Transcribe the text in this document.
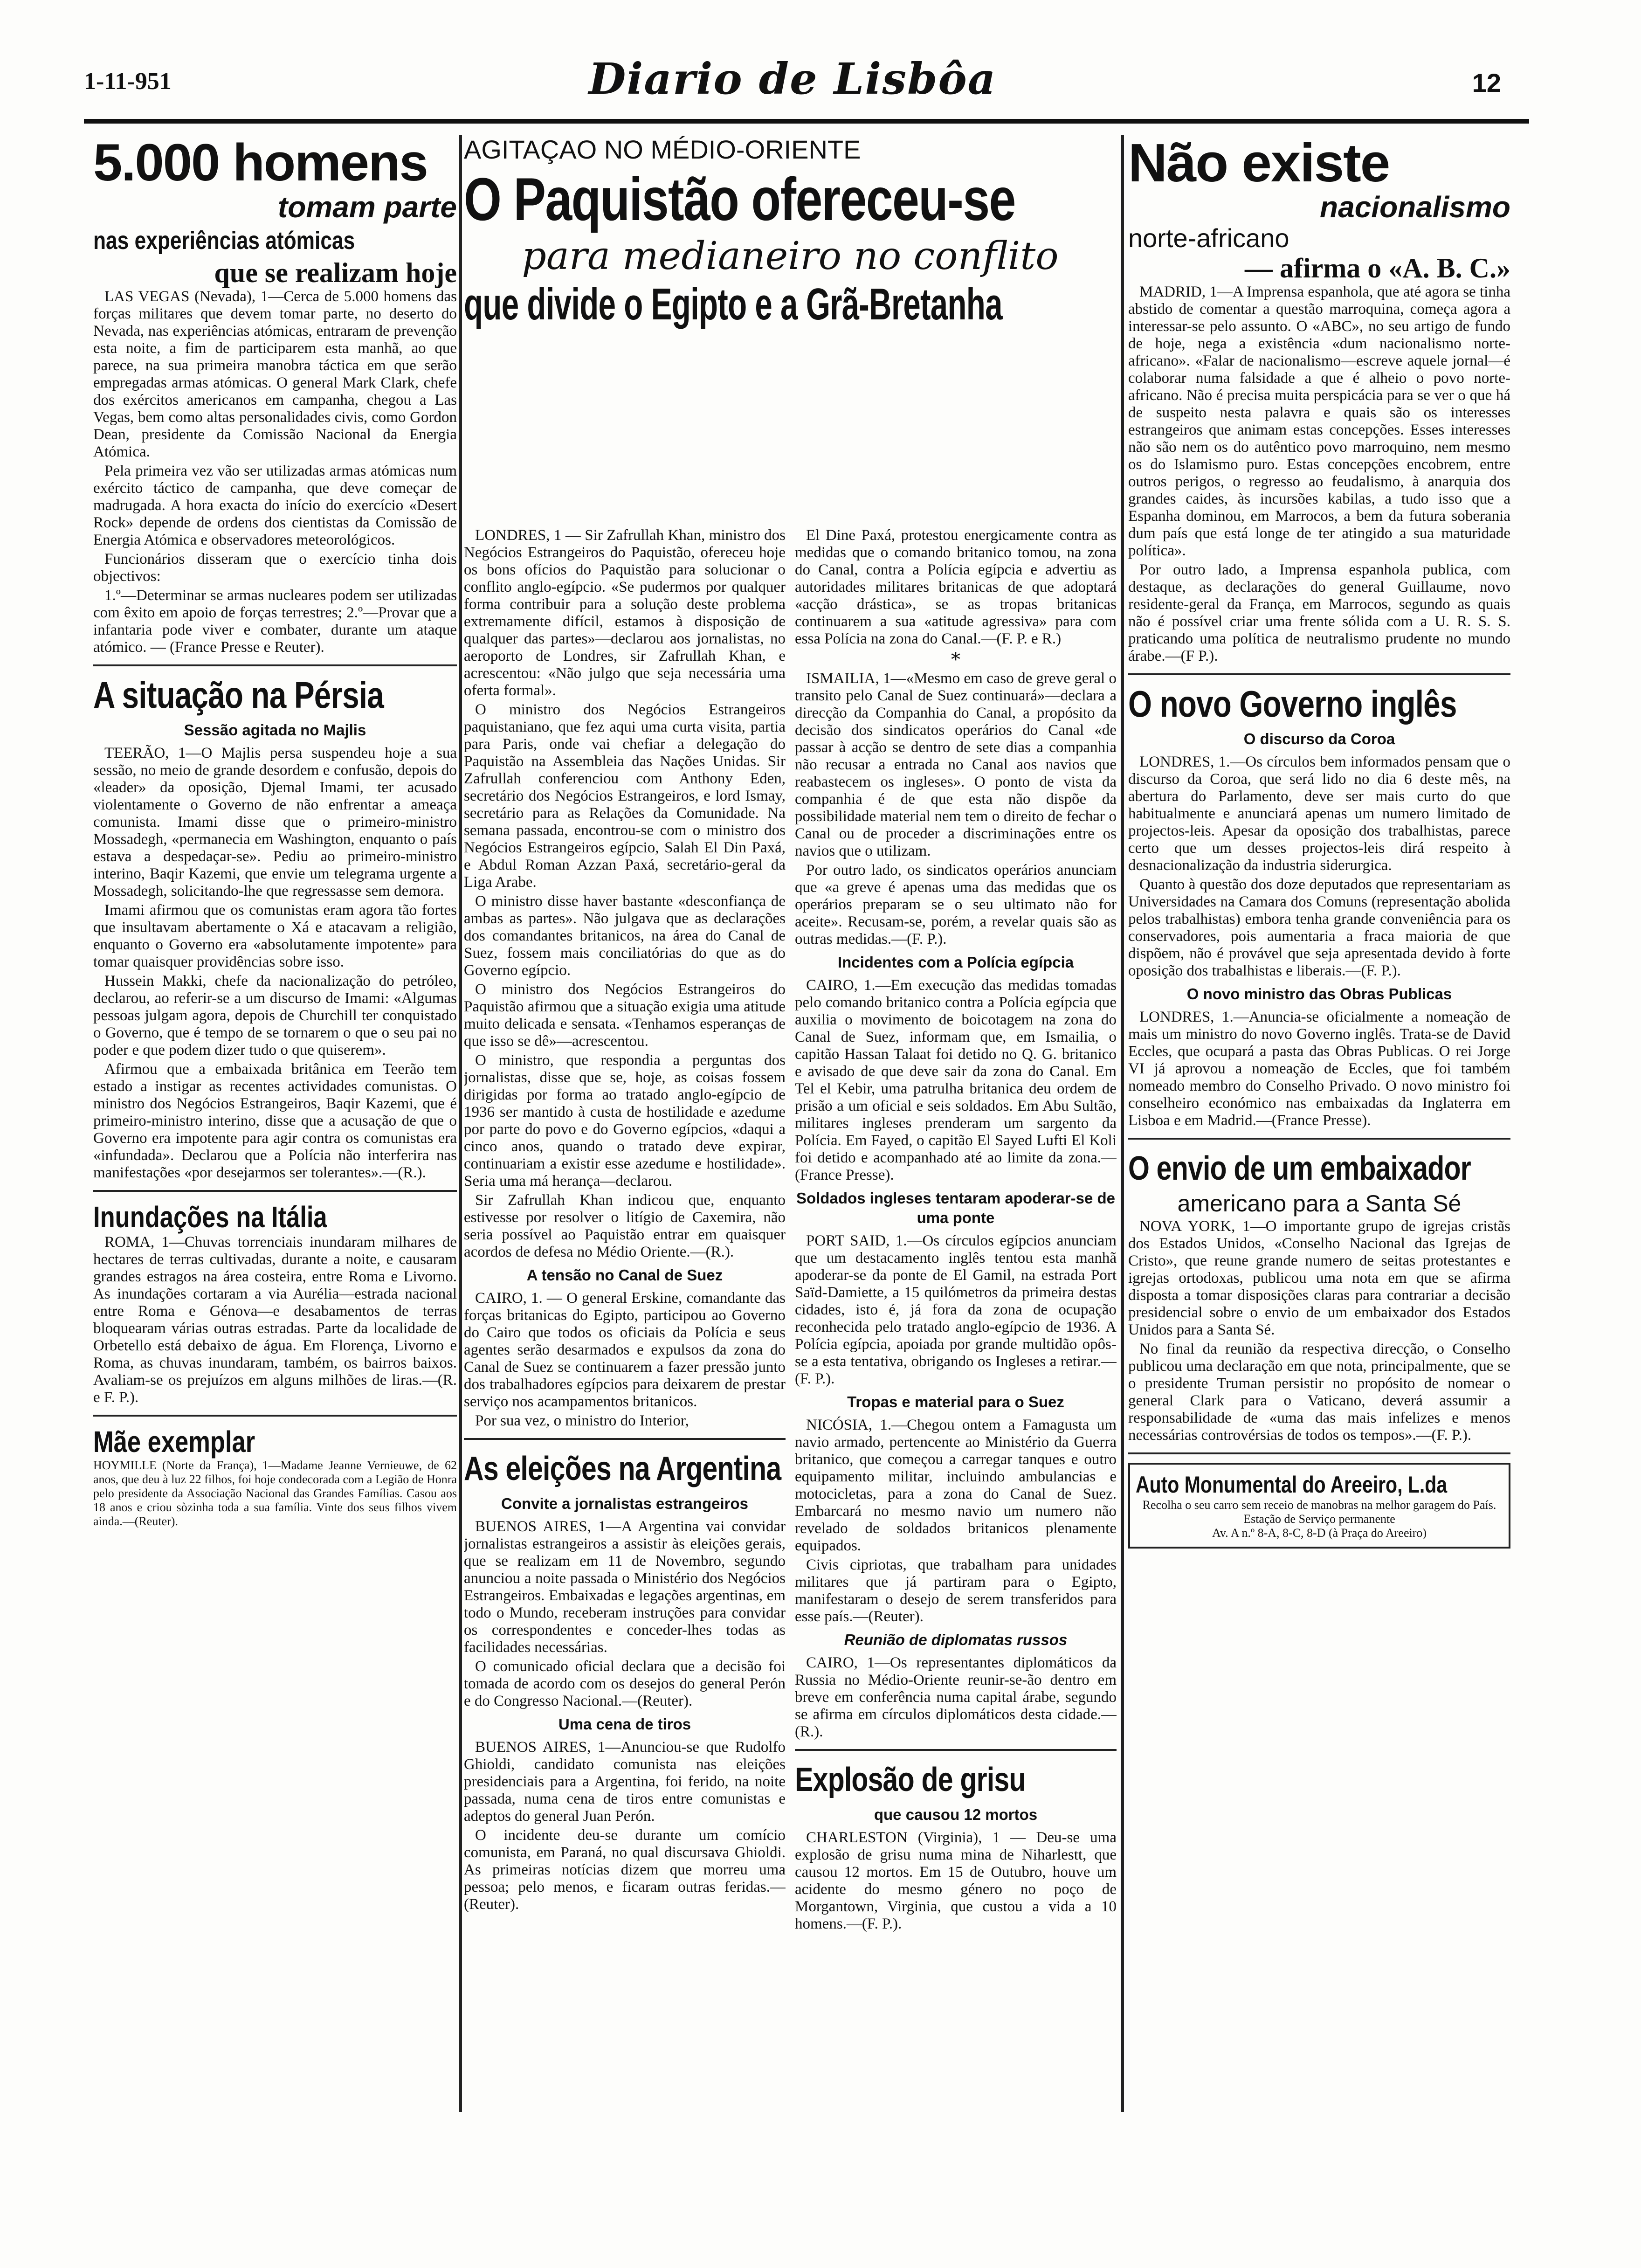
1-11-951	Diario de Lisbôa	12
5.000 homens
tomam parte
nas experiências atómicas
que se realizam hoje

LAS VEGAS (Nevada), 1—Cerca de 5.000 homens das forças militares que devem tomar parte, no deserto do Nevada, nas experiências atómicas, entraram de prevenção esta noite, a fim de participarem esta manhã, ao que parece, na sua primeira manobra táctica em que serão empregadas armas atómicas. O general Mark Clark, chefe dos exércitos americanos em campanha, chegou a Las Vegas, bem como altas personalidades civis, como Gordon Dean, presidente da Comissão Nacional da Energia Atómica.

Pela primeira vez vão ser utilizadas armas atómicas num exército táctico de campanha, que deve começar de madrugada. A hora exacta do início do exercício «Desert Rock» depende de ordens dos cientistas da Comissão de Energia Atómica e observadores meteorológicos.

Funcionários disseram que o exercício tinha dois objectivos:

1.º—Determinar se armas nucleares podem ser utilizadas com êxito em apoio de forças terrestres; 2.º—Provar que a infantaria pode viver e combater, durante um ataque atómico. — (France Presse e Reuter).

A situação na Pérsia
Sessão agitada no Majlis

TEERÃO, 1—O Majlis persa suspendeu hoje a sua sessão, no meio de grande desordem e confusão, depois do «leader» da oposição, Djemal Imami, ter acusado violentamente o Governo de não enfrentar a ameaça comunista. Imami disse que o primeiro-ministro Mossadegh, «permanecia em Washington, enquanto o país estava a despedaçar-se». Pediu ao primeiro-ministro interino, Baqir Kazemi, que envie um telegrama urgente a Mossadegh, solicitando-lhe que regressasse sem demora.

Imami afirmou que os comunistas eram agora tão fortes que insultavam abertamente o Xá e atacavam a religião, enquanto o Governo era «absolutamente impotente» para tomar quaisquer providências sobre isso.

Hussein Makki, chefe da nacionalização do petróleo, declarou, ao referir-se a um discurso de Imami: «Algumas pessoas julgam agora, depois de Churchill ter conquistado o Governo, que é tempo de se tornarem o que o seu pai no poder e que podem dizer tudo o que quiserem».

Afirmou que a embaixada britânica em Teerão tem estado a instigar as recentes actividades comunistas. O ministro dos Negócios Estrangeiros, Baqir Kazemi, que é primeiro-ministro interino, disse que a acusação de que o Governo era impotente para agir contra os comunistas era «infundada». Declarou que a Polícia não interferira nas manifestações «por desejarmos ser tolerantes».—(R.).

Inundações na Itália

ROMA, 1—Chuvas torrenciais inundaram milhares de hectares de terras cultivadas, durante a noite, e causaram grandes estragos na área costeira, entre Roma e Livorno. As inundações cortaram a via Aurélia—estrada nacional entre Roma e Génova—e desabamentos de terras bloquearam várias outras estradas. Parte da localidade de Orbetello está debaixo de água. Em Florença, Livorno e Roma, as chuvas inundaram, também, os bairros baixos. Avaliam-se os prejuízos em alguns milhões de liras.—(R. e F. P.).

Mãe exemplar

HOYMILLE (Norte da França), 1—Madame Jeanne Vernieuwe, de 62 anos, que deu à luz 22 filhos, foi hoje condecorada com a Legião de Honra pelo presidente da Associação Nacional das Grandes Famílias. Casou aos 18 anos e criou sòzinha toda a sua família. Vinte dos seus filhos vivem ainda.—(Reuter).

AGITAÇAO NO MÉDIO-ORIENTE
O Paquistão ofereceu-se
para medianeiro no conflito
que divide o Egipto e a Grã-Bretanha

LONDRES, 1 — Sir Zafrullah Khan, ministro dos Negócios Estrangeiros do Paquistão, ofereceu hoje os bons ofícios do Paquistão para solucionar o conflito anglo-egípcio. «Se pudermos por qualquer forma contribuir para a solução deste problema extremamente difícil, estamos à disposição de qualquer das partes»—declarou aos jornalistas, no aeroporto de Londres, sir Zafrullah Khan, e acrescentou: «Não julgo que seja necessária uma oferta formal».

O ministro dos Negócios Estrangeiros paquistaniano, que fez aqui uma curta visita, partia para Paris, onde vai chefiar a delegação do Paquistão na Assembleia das Nações Unidas. Sir Zafrullah conferenciou com Anthony Eden, secretário dos Negócios Estrangeiros, e lord Ismay, secretário para as Relações da Comunidade. Na semana passada, encontrou-se com o ministro dos Negócios Estrangeiros egípcio, Salah El Din Paxá, e Abdul Roman Azzan Paxá, secretário-geral da Liga Arabe.

O ministro disse haver bastante «desconfiança de ambas as partes». Não julgava que as declarações dos comandantes britanicos, na área do Canal de Suez, fossem mais conciliatórias do que as do Governo egípcio.

O ministro dos Negócios Estrangeiros do Paquistão afirmou que a situação exigia uma atitude muito delicada e sensata. «Tenhamos esperanças de que isso se dê»—acrescentou.

O ministro, que respondia a perguntas dos jornalistas, disse que se, hoje, as coisas fossem dirigidas por forma ao tratado anglo-egípcio de 1936 ser mantido à custa de hostilidade e azedume por parte do povo e do Governo egípcios, «daqui a cinco anos, quando o tratado deve expirar, continuariam a existir esse azedume e hostilidade». Seria uma má herança—declarou.

Sir Zafrullah Khan indicou que, enquanto estivesse por resolver o litígio de Caxemira, não seria possível ao Paquistão entrar em quaisquer acordos de defesa no Médio Oriente.—(R.).

A tensão no Canal de Suez

CAIRO, 1. — O general Erskine, comandante das forças britanicas do Egipto, participou ao Governo do Cairo que todos os oficiais da Polícia e seus agentes serão desarmados e expulsos da zona do Canal de Suez se continuarem a fazer pressão junto dos trabalhadores egípcios para deixarem de prestar serviço nos acampamentos britanicos.

Por sua vez, o ministro do Interior,

As eleições na Argentina
Convite a jornalistas estrangeiros

BUENOS AIRES, 1—A Argentina vai convidar jornalistas estrangeiros a assistir às eleições gerais, que se realizam em 11 de Novembro, segundo anunciou a noite passada o Ministério dos Negócios Estrangeiros. Embaixadas e legações argentinas, em todo o Mundo, receberam instruções para convidar os correspondentes e conceder-lhes todas as facilidades necessárias.

O comunicado oficial declara que a decisão foi tomada de acordo com os desejos do general Perón e do Congresso Nacional.—(Reuter).

Uma cena de tiros

BUENOS AIRES, 1—Anunciou-se que Rudolfo Ghioldi, candidato comunista nas eleições presidenciais para a Argentina, foi ferido, na noite passada, numa cena de tiros entre comunistas e adeptos do general Juan Perón.

O incidente deu-se durante um comício comunista, em Paraná, no qual discursava Ghioldi. As primeiras notícias dizem que morreu uma pessoa; pelo menos, e ficaram outras feridas.—(Reuter).

El Dine Paxá, protestou energicamente contra as medidas que o comando britanico tomou, na zona do Canal, contra a Polícia egípcia e advertiu as autoridades militares britanicas de que adoptará «acção drástica», se as tropas britanicas continuarem a sua «atitude agressiva» para com essa Polícia na zona do Canal.—(F. P. e R.)

*

ISMAILIA, 1—«Mesmo em caso de greve geral o transito pelo Canal de Suez continuará»—declara a direcção da Companhia do Canal, a propósito da decisão dos sindicatos operários do Canal «de passar à acção se dentro de sete dias a companhia não recusar a entrada no Canal aos navios que reabastecem os ingleses». O ponto de vista da companhia é de que esta não dispõe da possibilidade material nem tem o direito de fechar o Canal ou de proceder a discriminações entre os navios que o utilizam.

Por outro lado, os sindicatos operários anunciam que «a greve é apenas uma das medidas que os operários preparam se o seu ultimato não for aceite». Recusam-se, porém, a revelar quais são as outras medidas.—(F. P.).

Incidentes com a Polícia egípcia

CAIRO, 1.—Em execução das medidas tomadas pelo comando britanico contra a Polícia egípcia que auxilia o movimento de boicotagem na zona do Canal de Suez, informam que, em Ismailia, o capitão Hassan Talaat foi detido no Q. G. britanico e avisado de que deve sair da zona do Canal. Em Tel el Kebir, uma patrulha britanica deu ordem de prisão a um oficial e seis soldados. Em Abu Sultão, militares ingleses prenderam um sargento da Polícia. Em Fayed, o capitão El Sayed Lufti El Koli foi detido e acompanhado até ao limite da zona.—(France Presse).

Soldados ingleses tentaram apoderar-se de uma ponte

PORT SAID, 1.—Os círculos egípcios anunciam que um destacamento inglês tentou esta manhã apoderar-se da ponte de El Gamil, na estrada Port Saïd-Damiette, a 15 quilómetros da primeira destas cidades, isto é, já fora da zona de ocupação reconhecida pelo tratado anglo-egípcio de 1936. A Polícia egípcia, apoiada por grande multidão opôs-se a esta tentativa, obrigando os Ingleses a retirar.—(F. P.).

Tropas e material para o Suez

NICÓSIA, 1.—Chegou ontem a Famagusta um navio armado, pertencente ao Ministério da Guerra britanico, que começou a carregar tanques e outro equipamento militar, incluindo ambulancias e motocicletas, para a zona do Canal de Suez. Embarcará no mesmo navio um numero não revelado de soldados britanicos plenamente equipados.

Civis cipriotas, que trabalham para unidades militares que já partiram para o Egipto, manifestaram o desejo de serem transferidos para esse país.—(Reuter).

Reunião de diplomatas russos

CAIRO, 1—Os representantes diplomáticos da Russia no Médio-Oriente reunir-se-ão dentro em breve em conferência numa capital árabe, segundo se afirma em círculos diplomáticos desta cidade.—(R.).

Explosão de grisu
que causou 12 mortos

CHARLESTON (Virginia), 1 — Deu-se uma explosão de grisu numa mina de Niharlestt, que causou 12 mortos. Em 15 de Outubro, houve um acidente do mesmo género no poço de Morgantown, Virginia, que custou a vida a 10 homens.—(F. P.).

Não existe
nacionalismo
norte-africano
— afirma o «A. B. C.»

MADRID, 1—A Imprensa espanhola, que até agora se tinha abstido de comentar a questão marroquina, começa agora a interessar-se pelo assunto. O «ABC», no seu artigo de fundo de hoje, nega a existência «dum nacionalismo norte-africano». «Falar de nacionalismo—escreve aquele jornal—é colaborar numa falsidade a que é alheio o povo norte-africano. Não é precisa muita perspicácia para se ver o que há de suspeito nesta palavra e quais são os interesses estrangeiros que animam estas concepções. Esses interesses não são nem os do autêntico povo marroquino, nem mesmo os do Islamismo puro. Estas concepções encobrem, entre outros perigos, o regresso ao feudalismo, à anarquia dos grandes caides, às incursões kabilas, a tudo isso que a Espanha dominou, em Marrocos, a bem da futura soberania dum país que está longe de ter atingido a sua maturidade política».

Por outro lado, a Imprensa espanhola publica, com destaque, as declarações do general Guillaume, novo residente-geral da França, em Marrocos, segundo as quais não é possível criar uma frente sólida com a U. R. S. S. praticando uma política de neutralismo prudente no mundo árabe.—(F P.).

O novo Governo inglês
O discurso da Coroa

LONDRES, 1.—Os círculos bem informados pensam que o discurso da Coroa, que será lido no dia 6 deste mês, na abertura do Parlamento, deve ser mais curto do que habitualmente e anunciará apenas um numero limitado de projectos-leis. Apesar da oposição dos trabalhistas, parece certo que um desses projectos-leis dirá respeito à desnacionalização da industria siderurgica.

Quanto à questão dos doze deputados que representariam as Universidades na Camara dos Comuns (representação abolida pelos trabalhistas) embora tenha grande conveniência para os conservadores, pois aumentaria a fraca maioria de que dispõem, não é provável que seja apresentada devido à forte oposição dos trabalhistas e liberais.—(F. P.).

O novo ministro das Obras Publicas

LONDRES, 1.—Anuncia-se oficialmente a nomeação de mais um ministro do novo Governo inglês. Trata-se de David Eccles, que ocupará a pasta das Obras Publicas. O rei Jorge VI já aprovou a nomeação de Eccles, que foi também nomeado membro do Conselho Privado. O novo ministro foi conselheiro económico nas embaixadas da Inglaterra em Lisboa e em Madrid.—(France Presse).

O envio de um embaixador
americano para a Santa Sé

NOVA YORK, 1—O importante grupo de igrejas cristãs dos Estados Unidos, «Conselho Nacional das Igrejas de Cristo», que reune grande numero de seitas protestantes e igrejas ortodoxas, publicou uma nota em que se afirma disposta a tomar disposições claras para contrariar a decisão presidencial sobre o envio de um embaixador dos Estados Unidos para a Santa Sé.

No final da reunião da respectiva direcção, o Conselho publicou uma declaração em que nota, principalmente, que se o presidente Truman persistir no propósito de nomear o general Clark para o Vaticano, deverá assumir a responsabilidade de «uma das mais infelizes e menos necessárias controvérsias de todos os tempos».—(F. P.).

Auto Monumental do Areeiro, L.da
Recolha o seu carro sem receio de manobras na melhor garagem do País. Estação de Serviço permanente
Av. A n.º 8-A, 8-C, 8-D (à Praça do Areeiro)
